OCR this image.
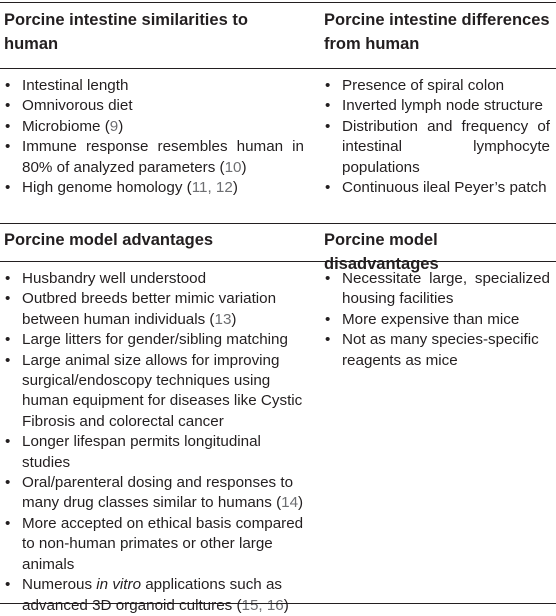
Porcine intestine similarities to human

Porcine intestine differences from human

• Intestinal length
• Omnivorous diet
• Microbiome (9)
• Immune response resembles human in 80% of analyzed parameters (10)
• High genome homology (11, 12)
• Presence of spiral colon
• Inverted lymph node structure
• Distribution and frequency of intestinal lymphocyte populations
• Continuous ileal Peyer’s patch

Porcine model advantages	Porcine model disadvantages

• Husbandry well understood
• Outbred breeds better mimic variation between human individuals (13)
• Large litters for gender/sibling matching
• Large animal size allows for improving surgical/endoscopy techniques using human equipment for diseases like Cystic Fibrosis and colorectal cancer
• Longer lifespan permits longitudinal studies
• Oral/parenteral dosing and responses to many drug classes similar to humans (14)
• More accepted on ethical basis compared to non-human primates or other large animals
• Numerous in vitro applications such as advanced 3D organoid cultures (15, 16)
• Necessitate large, specialized housing facilities
• More expensive than mice
• Not as many species-specific reagents as mice
